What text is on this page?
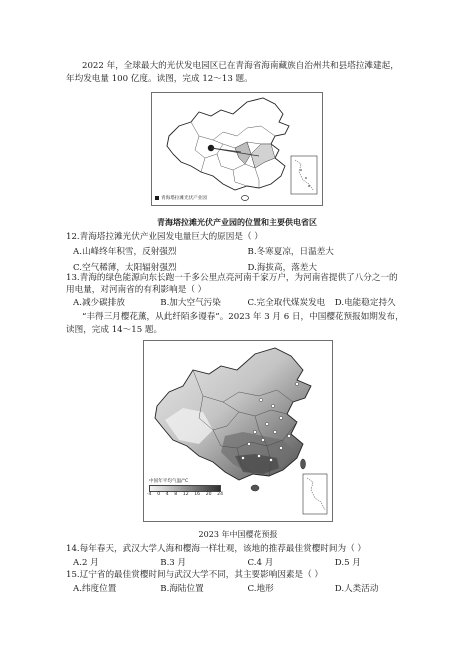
2022 年，全球最大的光伏发电园区已在青海省海南藏族自治州共和县塔拉滩建起，
年均发电量 100 亿度。读图，完成 12～13 题。
青海塔拉滩光伏产业园
青海塔拉滩光伏产业园的位置和主要供电省区
12.青海塔拉滩光伏产业园发电量巨大的原因是（ ）
A.山峰终年积雪，反射强烈	B.冬寒夏凉，日温差大
C.空气稀薄，太阳辐射强烈	D.海拔高，落差大
13.青海的绿色能源向东长跑一千多公里点亮河南千家万户，为河南省提供了八分之一的
用电量，对河南省的有利影响是（ ）
A.减少碳排放	B.加大空气污染	C.完全取代煤炭发电	D.电能稳定持久
“丰得三月樱花薰，从此纤陌多谩春”。2023 年 3 月 6 日，中国樱花预报如期发布，
读图，完成 14～15 题。
中国年平均气温/°C
-4 0 4 8 12 16 20 24
2023 年中国樱花预报
14.每年春天，武汉大学人海和樱海一样壮观，该地的推荐最佳赏樱时间为（ ）
A.2 月	B.3 月	C.4 月	D.5 月
15.辽宁省的最佳赏樱时间与武汉大学不同，其主要影响因素是（ ）
A.纬度位置	B.海陆位置	C.地形	D.人类活动
